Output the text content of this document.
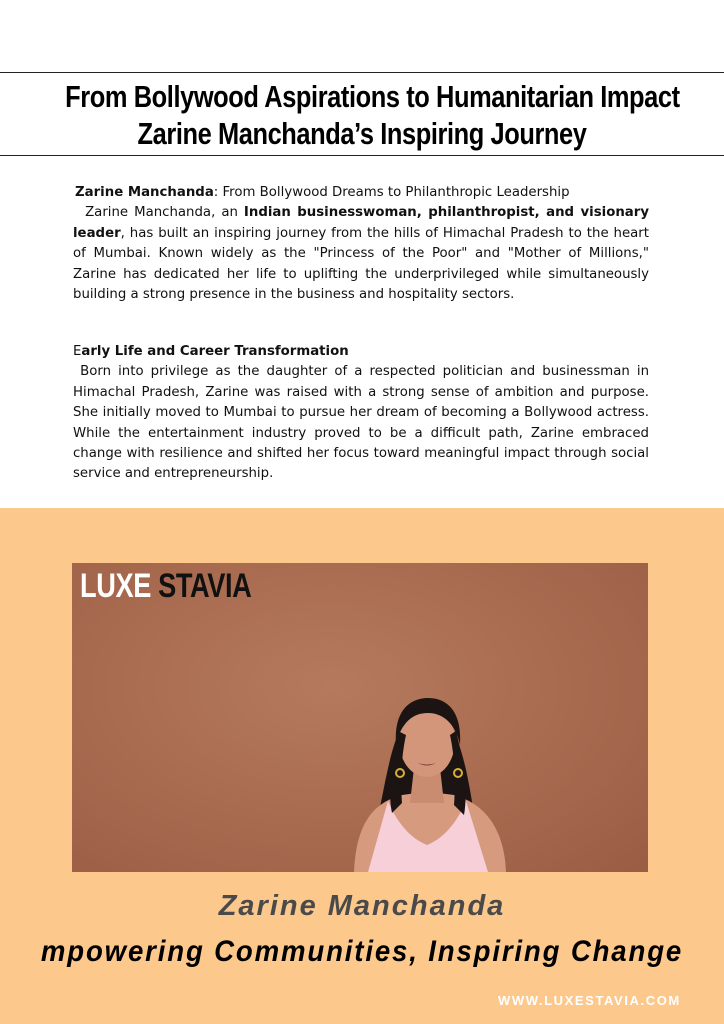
From Bollywood Aspirations to Humanitarian Impact
Zarine Manchanda’s Inspiring Journey
Zarine Manchanda: From Bollywood Dreams to Philanthropic Leadership
Zarine Manchanda, an Indian businesswoman, philanthropist, and visionary leader, has built an inspiring journey from the hills of Himachal Pradesh to the heart of Mumbai. Known widely as the "Princess of the Poor" and "Mother of Millions," Zarine has dedicated her life to uplifting the underprivileged while simultaneously building a strong presence in the business and hospitality sectors.
Early Life and Career Transformation
Born into privilege as the daughter of a respected politician and businessman in Himachal Pradesh, Zarine was raised with a strong sense of ambition and purpose. She initially moved to Mumbai to pursue her dream of becoming a Bollywood actress. While the entertainment industry proved to be a difficult path, Zarine embraced change with resilience and shifted her focus toward meaningful impact through social service and entrepreneurship.
LUXE STAVIA
Zarine Manchanda
mpowering Communities, Inspiring Change
WWW.LUXESTAVIA.COM
